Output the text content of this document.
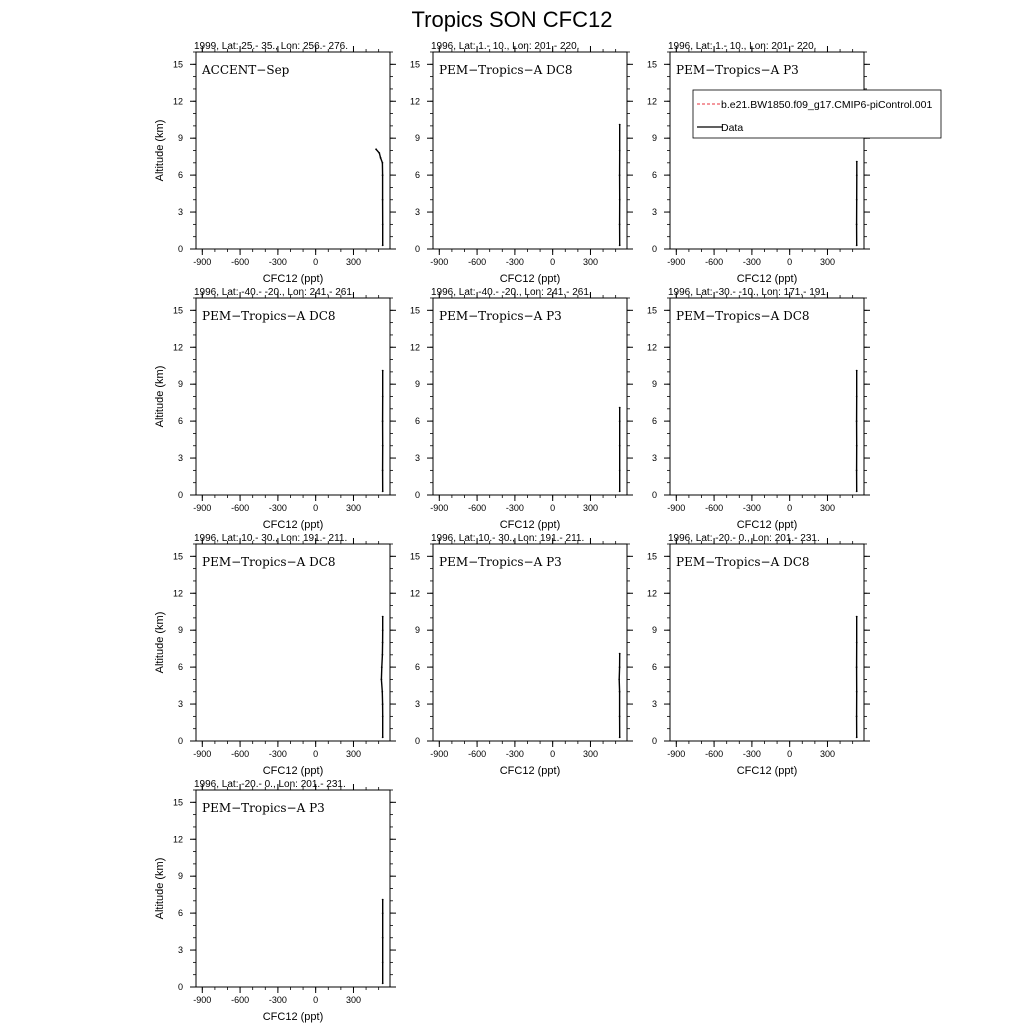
Tropics SON CFC12
-900 -600 -300	0	300
0
3
6
9
12
15
1999, Lat: 25.- 35., Lon: 256.- 276.
ACCENT−Sep
CFC12 (ppt)
Altitude (km)
-900 -600 -300	0	300
0
3
6
9
12
15
1996, Lat: 1.- 10., Lon: 201.- 220.
PEM−Tropics−A DC8
CFC12 (ppt)
-900 -600 -300	0	300
0
3
6
9
12
15
1996, Lat: 1.- 10., Lon: 201.- 220.
PEM−Tropics−A P3
CFC12 (ppt)
-900 -600 -300	0	300
0
3
6
9
12
15
1996, Lat: -40.- -20., Lon: 241.- 261.
PEM−Tropics−A DC8
CFC12 (ppt)
Altitude (km)
-900 -600 -300	0	300
0
3
6
9
12
15
1996, Lat: -40.- -20., Lon: 241.- 261.
PEM−Tropics−A P3
CFC12 (ppt)
-900 -600 -300	0	300
0
3
6
9
12
15
1996, Lat: -30.- -10., Lon: 171.- 191.
PEM−Tropics−A DC8
CFC12 (ppt)
-900 -600 -300	0	300
0
3
6
9
12
15
1996, Lat: 10.- 30., Lon: 191.- 211.
PEM−Tropics−A DC8
CFC12 (ppt)
Altitude (km)
-900 -600 -300	0	300
0
3
6
9
12
15
1996, Lat: 10.- 30., Lon: 191.- 211.
PEM−Tropics−A P3
CFC12 (ppt)
-900 -600 -300	0	300
0
3
6
9
12
15
1996, Lat: -20.- 0., Lon: 201.- 231.
PEM−Tropics−A DC8
CFC12 (ppt)
-900 -600 -300	0	300
0
3
6
9
12
15
1996, Lat: -20.- 0., Lon: 201.- 231.
PEM−Tropics−A P3
CFC12 (ppt)
Altitude (km)
b.e21.BW1850.f09_g17.CMIP6-piControl.001
Data
